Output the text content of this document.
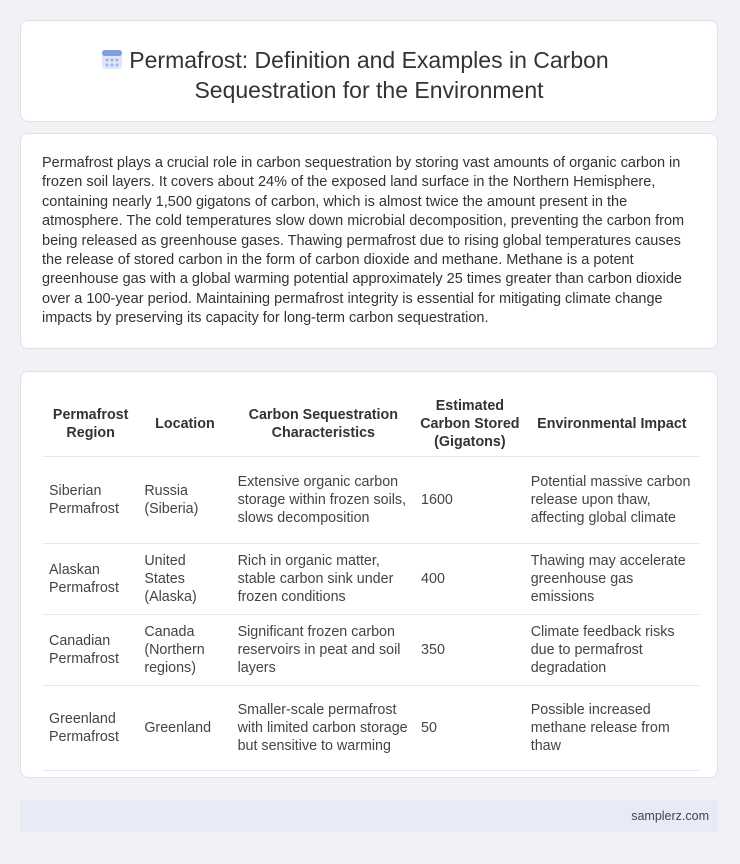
Permafrost: Definition and Examples in Carbon Sequestration for the Environment

Permafrost plays a crucial role in carbon sequestration by storing vast amounts of organic carbon in frozen soil layers. It covers about 24% of the exposed land surface in the Northern Hemisphere, containing nearly 1,500 gigatons of carbon, which is almost twice the amount present in the atmosphere. The cold temperatures slow down microbial decomposition, preventing the carbon from being released as greenhouse gases. Thawing permafrost due to rising global temperatures causes the release of stored carbon in the form of carbon dioxide and methane. Methane is a potent greenhouse gas with a global warming potential approximately 25 times greater than carbon dioxide over a 100-year period. Maintaining permafrost integrity is essential for mitigating climate change impacts by preserving its capacity for long-term carbon sequestration.

Permafrost Region	Location	Carbon Sequestration Characteristics	Estimated Carbon Stored (Gigatons)	Environmental Impact
Siberian Permafrost	Russia (Siberia)	Extensive organic carbon storage within frozen soils, slows decomposition	1600	Potential massive carbon release upon thaw, affecting global climate
Alaskan Permafrost	United States (Alaska)	Rich in organic matter, stable carbon sink under frozen conditions	400	Thawing may accelerate greenhouse gas emissions
Canadian Permafrost	Canada (Northern regions)	Significant frozen carbon reservoirs in peat and soil layers	350	Climate feedback risks due to permafrost degradation
Greenland Permafrost	Greenland	Smaller-scale permafrost with limited carbon storage but sensitive to warming	50	Possible increased methane release from thaw
samplerz.com
